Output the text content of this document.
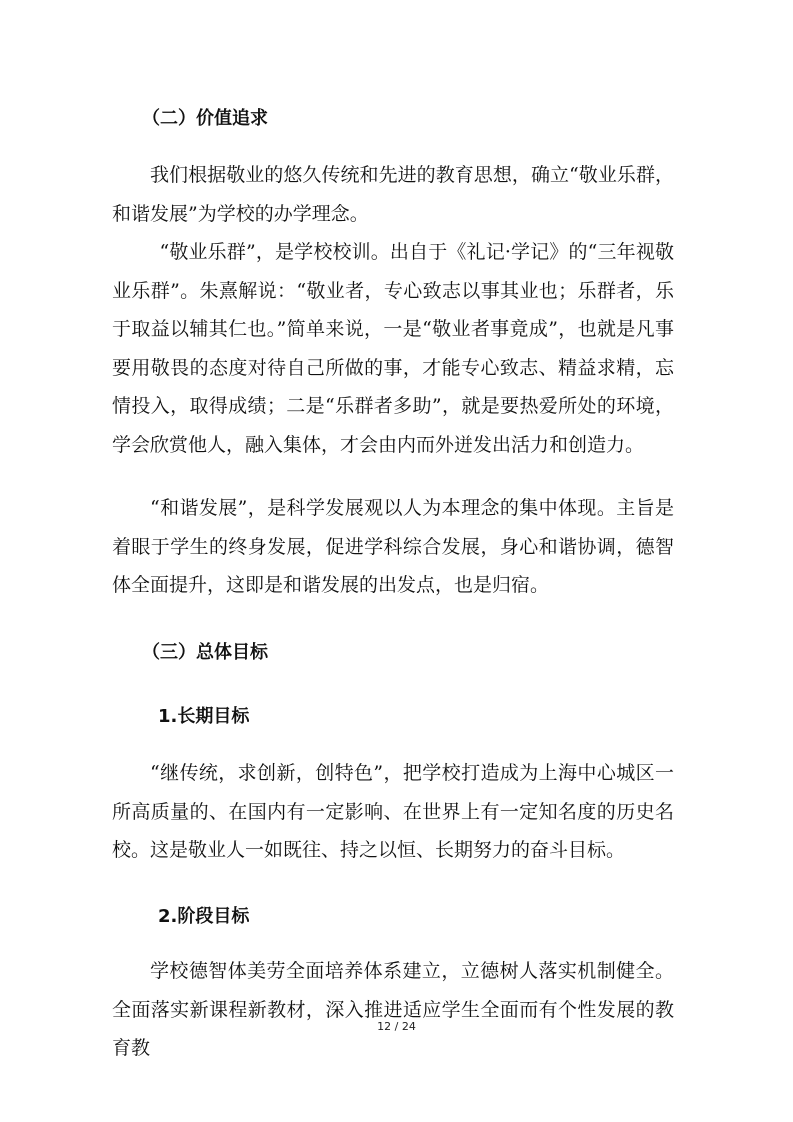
（二）价值追求

我们根据敬业的悠久传统和先进的教育思想，确立“敬业乐群，和谐发展”为学校的办学理念。

“敬业乐群”，是学校校训。出自于《礼记·学记》的“三年视敬业乐群”。朱熹解说：“敬业者，专心致志以事其业也；乐群者，乐于取益以辅其仁也。”简单来说，一是“敬业者事竟成”，也就是凡事要用敬畏的态度对待自己所做的事，才能专心致志、精益求精，忘情投入，取得成绩；二是“乐群者多助”，就是要热爱所处的环境，学会欣赏他人，融入集体，才会由内而外迸发出活力和创造力。

“和谐发展”，是科学发展观以人为本理念的集中体现。主旨是着眼于学生的终身发展，促进学科综合发展，身心和谐协调，德智体全面提升，这即是和谐发展的出发点，也是归宿。

（三）总体目标
1.长期目标

“继传统，求创新，创特色”，把学校打造成为上海中心城区一所高质量的、在国内有一定影响、在世界上有一定知名度的历史名校。这是敬业人一如既往、持之以恒、长期努力的奋斗目标。

2.阶段目标

学校德智体美劳全面培养体系建立，立德树人落实机制健全。全面落实新课程新教材，深入推进适应学生全面而有个性发展的教育教

12 / 24
